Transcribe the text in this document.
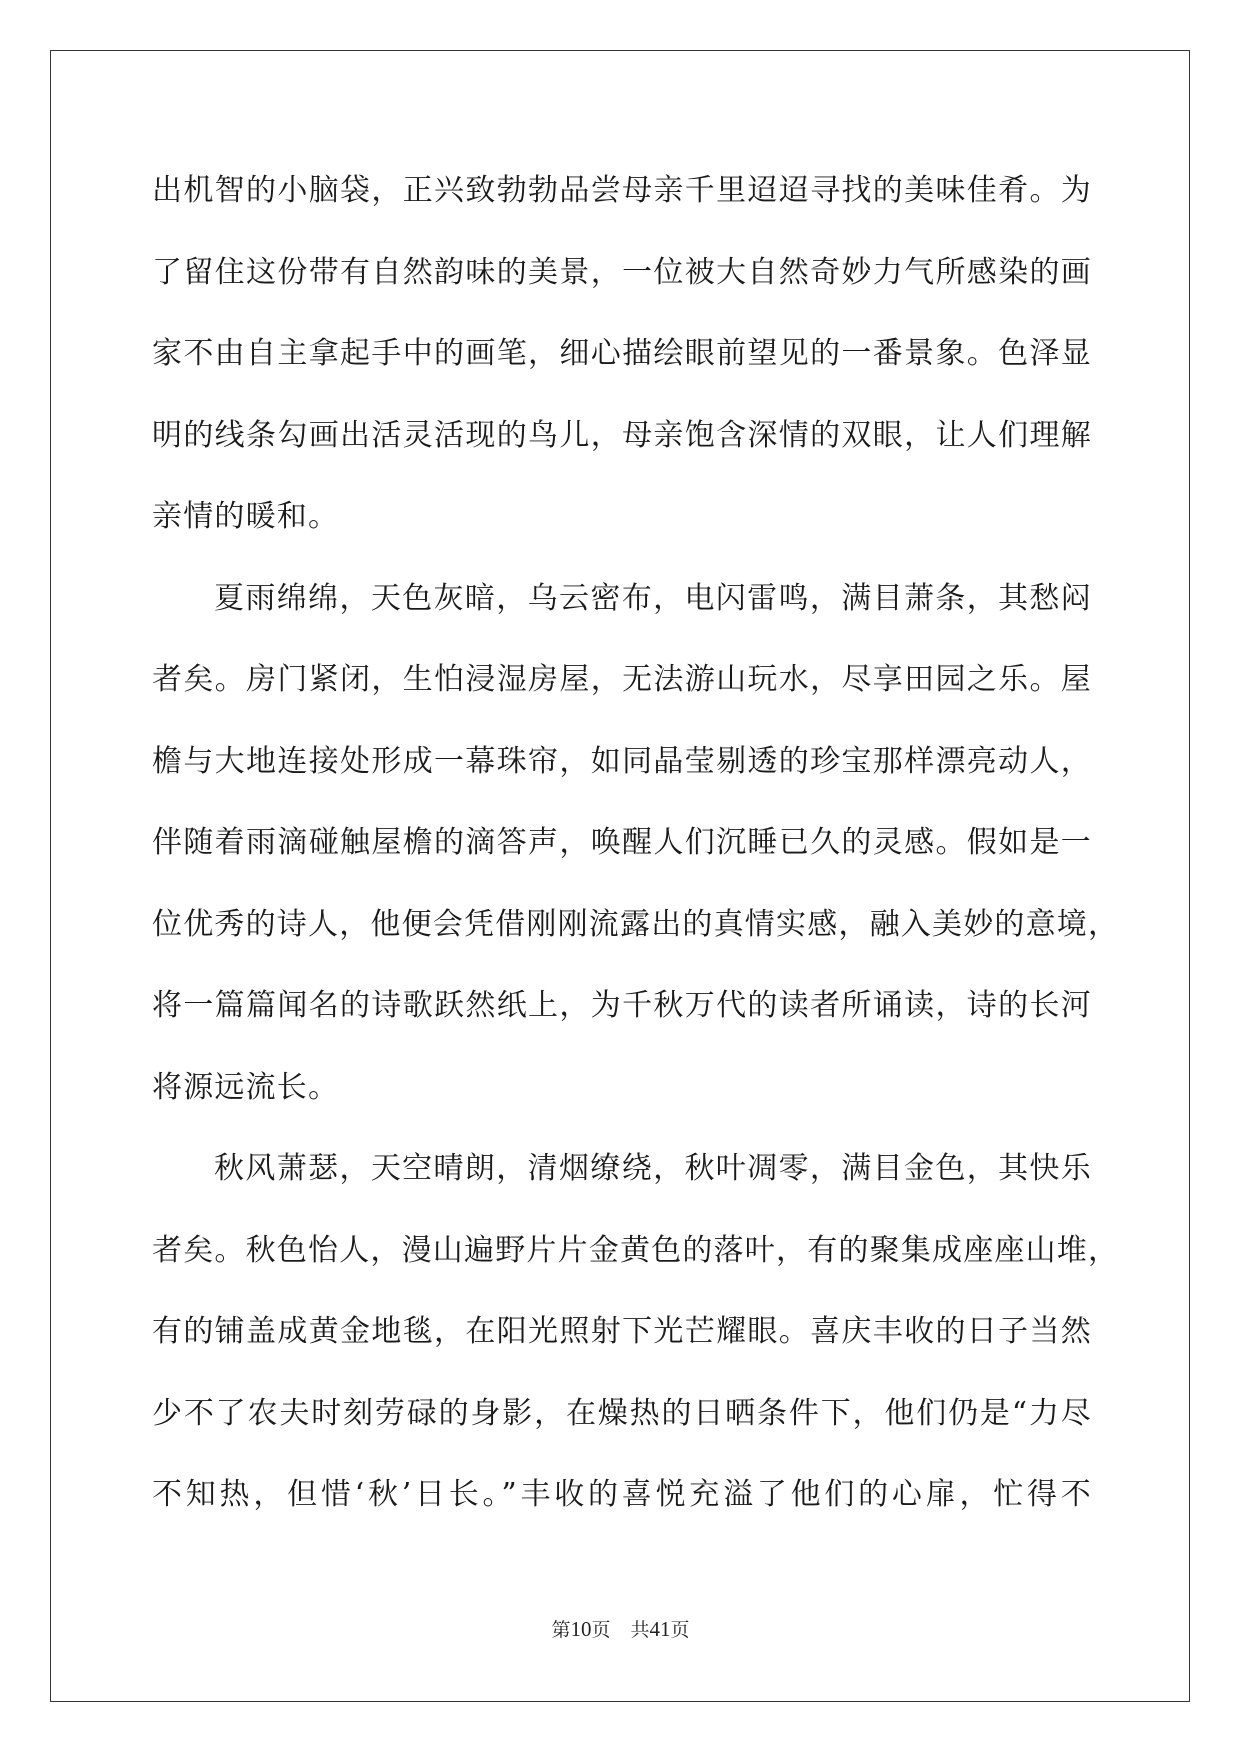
出机智的小脑袋，正兴致勃勃品尝母亲千里迢迢寻找的美味佳肴。为
了留住这份带有自然韵味的美景，一位被大自然奇妙力气所感染的画
家不由自主拿起手中的画笔，细心描绘眼前望见的一番景象。色泽显
明的线条勾画出活灵活现的鸟儿，母亲饱含深情的双眼，让人们理解
亲情的暖和。
夏雨绵绵，天色灰暗，乌云密布，电闪雷鸣，满目萧条，其愁闷
者矣。房门紧闭，生怕浸湿房屋，无法游山玩水，尽享田园之乐。屋
檐与大地连接处形成一幕珠帘，如同晶莹剔透的珍宝那样漂亮动人，
伴随着雨滴碰触屋檐的滴答声，唤醒人们沉睡已久的灵感。假如是一
位优秀的诗人，他便会凭借刚刚流露出的真情实感，融入美妙的意境，
将一篇篇闻名的诗歌跃然纸上，为千秋万代的读者所诵读，诗的长河
将源远流长。
秋风萧瑟，天空晴朗，清烟缭绕，秋叶凋零，满目金色，其快乐
者矣。秋色怡人，漫山遍野片片金黄色的落叶，有的聚集成座座山堆，
有的铺盖成黄金地毯，在阳光照射下光芒耀眼。喜庆丰收的日子当然
少不了农夫时刻劳碌的身影，在燥热的日晒条件下，他们仍是“力尽
不知热，但惜‘秋’日长。”丰收的喜悦充溢了他们的心扉，忙得不
第10页 共41页
